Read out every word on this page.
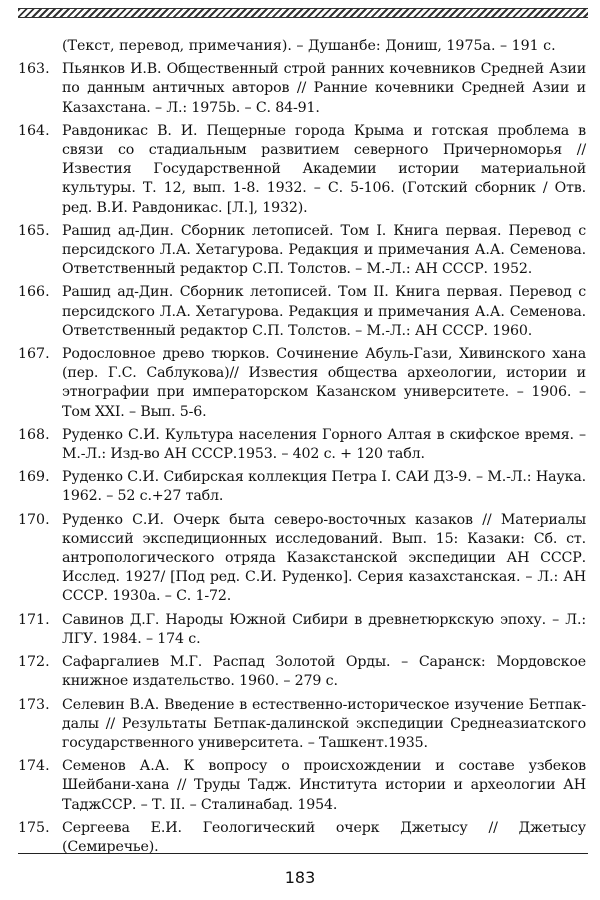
(Текст, перевод, примечания). – Душанбе: Дониш, 1975a. – 191 с.
163. Пьянков И.В. Общественный строй ранних кочевников Средней Азии по данным античных авторов // Ранние кочевники Средней Азии и Казахстана. – Л.: 1975b. – С. 84-91.
164. Равдоникас В. И. Пещерные города Крыма и готская проблема в связи со стадиальным развитием северного Причерноморья // Известия Государственной Академии истории материальной культуры. Т. 12, вып. 1-8. 1932. – С. 5-106. (Готский сборник / Отв. ред. В.И. Равдоникас. [Л.], 1932).
165. Рашид ад-Дин. Сборник летописей. Том I. Книга первая. Перевод с персидского Л.А. Хетагурова. Редакция и примечания А.А. Семенова. Ответственный редактор С.П. Толстов. – М.-Л.: АН СССР. 1952.
166. Рашид ад-Дин. Сборник летописей. Том II. Книга первая. Перевод с персидского Л.А. Хетагурова. Редакция и примечания А.А. Семенова. Ответственный редактор С.П. Толстов. – М.-Л.: АН СССР. 1960.
167. Родословное древо тюрков. Сочинение Абуль-Гази, Хивинского хана (пер. Г.С. Саблукова)// Известия общества археологии, истории и этнографии при императорском Казанском университете. – 1906. – Том XXI. – Вып. 5-6.
168. Руденко С.И. Культура населения Горного Алтая в скифское время. – М.-Л.: Изд-во АН СССР.1953. – 402 с. + 120 табл.
169. Руденко С.И. Сибирская коллекция Петра I. САИ ДЗ-9. – М.-Л.: Наука. 1962. – 52 с.+27 табл.
170. Руденко С.И. Очерк быта северо-восточных казаков // Материалы комиссий экспедиционных исследований. Вып. 15: Казаки: Сб. ст. антропологического отряда Казакстанской экспедиции АН СССР. Исслед. 1927/ [Под ред. С.И. Руденко]. Серия казахстанская. – Л.: АН СССР. 1930a. – С. 1-72.
171. Савинов Д.Г. Народы Южной Сибири в древнетюркскую эпоху. – Л.: ЛГУ. 1984. – 174 с.
172. Сафаргалиев М.Г. Распад Золотой Орды. – Саранск: Мордовское книжное издательство. 1960. – 279 с.
173. Селевин В.А. Введение в естественно-историческое изучение Бетпак-далы // Результаты Бетпак-далинской экспедиции Среднеазиатского государственного университета. – Ташкент.1935.
174. Семенов А.А. К вопросу о происхождении и составе узбеков Шейбани-хана // Труды Тадж. Института истории и археологии АН ТаджССР. – Т. II. – Сталинабад. 1954.
175. Сергеева Е.И. Геологический очерк Джетысу // Джетысу (Семиречье).
183
